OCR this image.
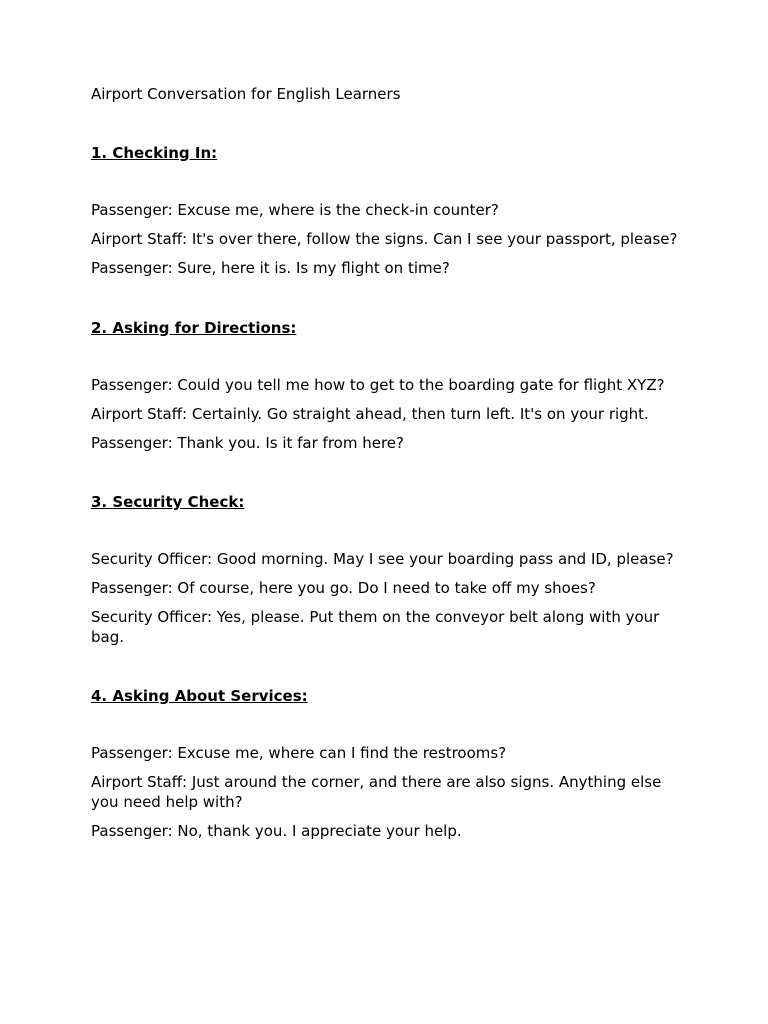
Airport Conversation for English Learners

1. Checking In:

Passenger: Excuse me, where is the check-in counter?

Airport Staff: It's over there, follow the signs. Can I see your passport, please?

Passenger: Sure, here it is. Is my flight on time?

2. Asking for Directions:

Passenger: Could you tell me how to get to the boarding gate for flight XYZ?

Airport Staff: Certainly. Go straight ahead, then turn left. It's on your right.

Passenger: Thank you. Is it far from here?

3. Security Check:

Security Officer: Good morning. May I see your boarding pass and ID, please?

Passenger: Of course, here you go. Do I need to take off my shoes?

Security Officer: Yes, please. Put them on the conveyor belt along with your bag.

4. Asking About Services:

Passenger: Excuse me, where can I find the restrooms?

Airport Staff: Just around the corner, and there are also signs. Anything else you need help with?

Passenger: No, thank you. I appreciate your help.
